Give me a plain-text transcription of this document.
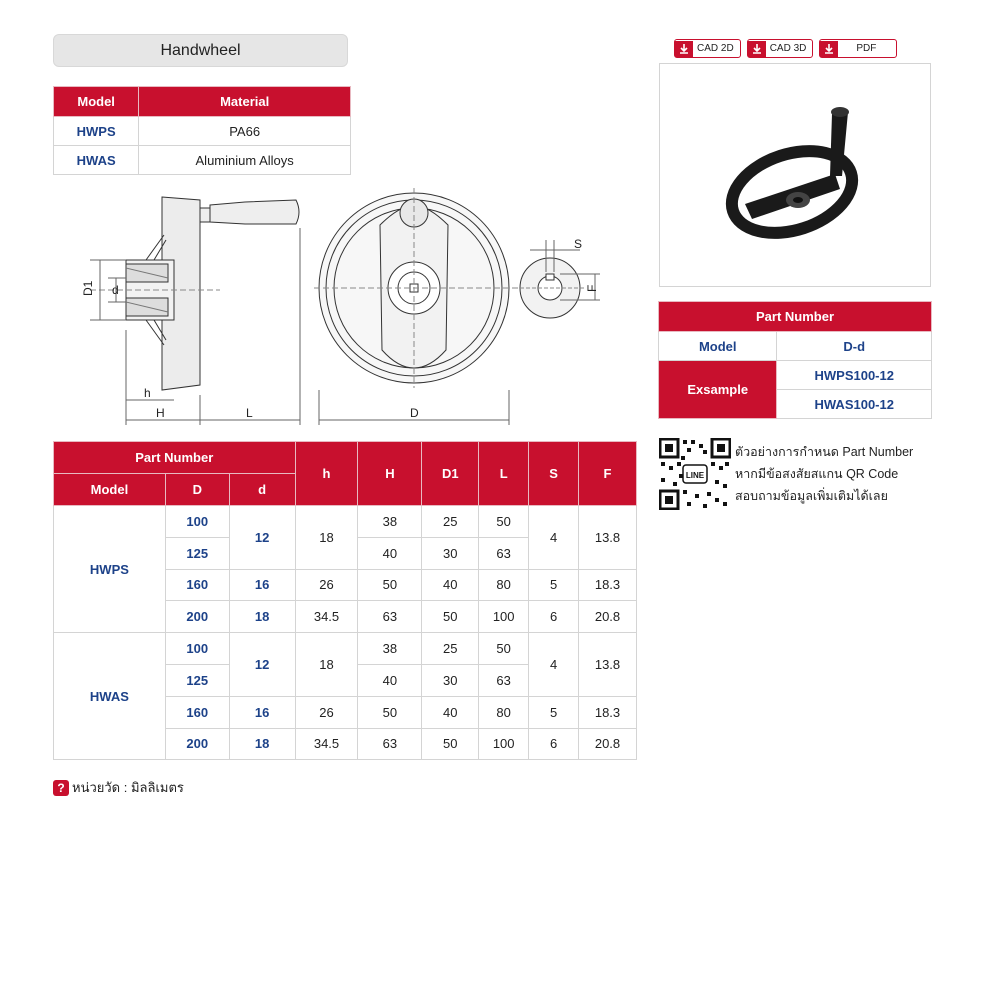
Handwheel
Model	Material
HWPS	PA66
HWAS	Aluminium Alloys
D1 d
h
H	L	D
S
F
CAD 2D	CAD 3D	PDF
Part Number	
Model	D-d
Exsample	HWPS100-12
	HWAS100-12
LINE
ตัวอย่างการกำหนด Part Number
หากมีข้อสงสัยสแกน QR Code
สอบถามข้อมูลเพิ่มเติมได้เลย
Part Number			h	H	D1	L	S	F
Model	D	d						
HWPS	100	12	18	38	25	50	4	13.8
	125			40	30	63		
	160	16	26	50	40	80	5	18.3
	200	18	34.5	63	50	100	6	20.8
HWAS	100	12	18	38	25	50	4	13.8
	125			40	30	63		
	160	16	26	50	40	80	5	18.3
	200	18	34.5	63	50	100	6	20.8
? หน่วยวัด : มิลลิเมตร
